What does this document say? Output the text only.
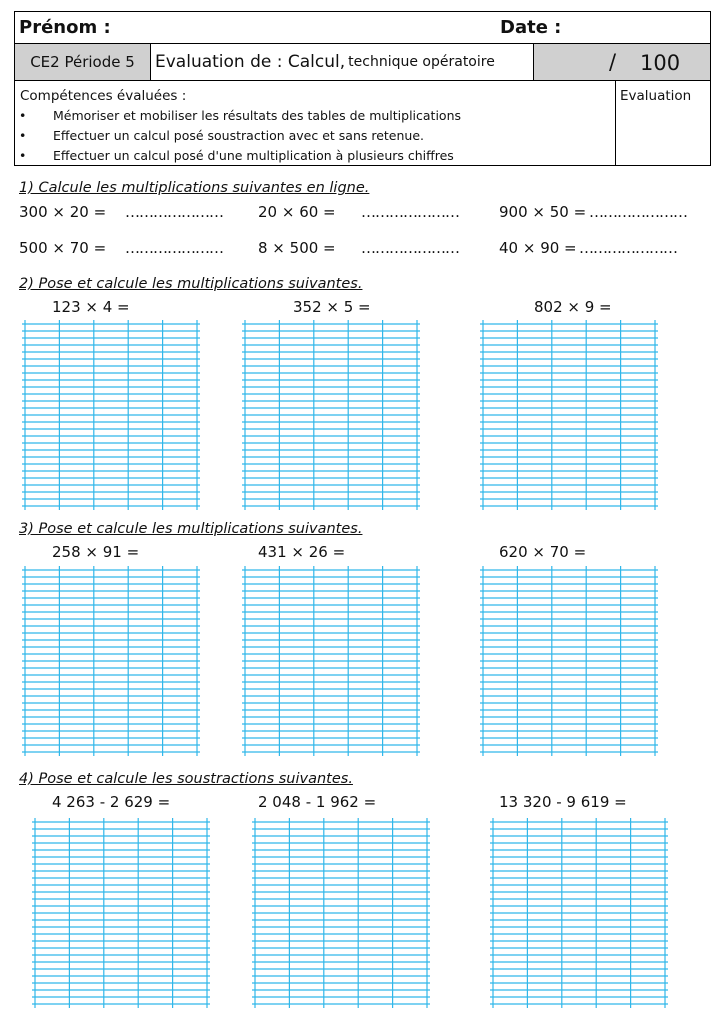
Prénom :	Date :
CE2 Période 5	Evaluation de : Calcul, technique opératoire	/ 100
Compétences évaluées :
• Mémoriser et mobiliser les résultats des tables de multiplications
• Effectuer un calcul posé soustraction avec et sans retenue.
• Effectuer un calcul posé d'une multiplication à plusieurs chiffres
Evaluation
1) Calcule les multiplications suivantes en ligne.
300 × 20 = ………………… 20 × 60 = …………………	900 × 50 = …………………
500 × 70 = ………………… 8 × 500 = …………………	40 × 90 = …………………
2) Pose et calcule les multiplications suivantes.
123 × 4 =	352 × 5 =	802 × 9 =
3) Pose et calcule les multiplications suivantes.
258 × 91 =	431 × 26 =	620 × 70 =
4) Pose et calcule les soustractions suivantes.
4 263 - 2 629 =	2 048 - 1 962 =	13 320 - 9 619 =
